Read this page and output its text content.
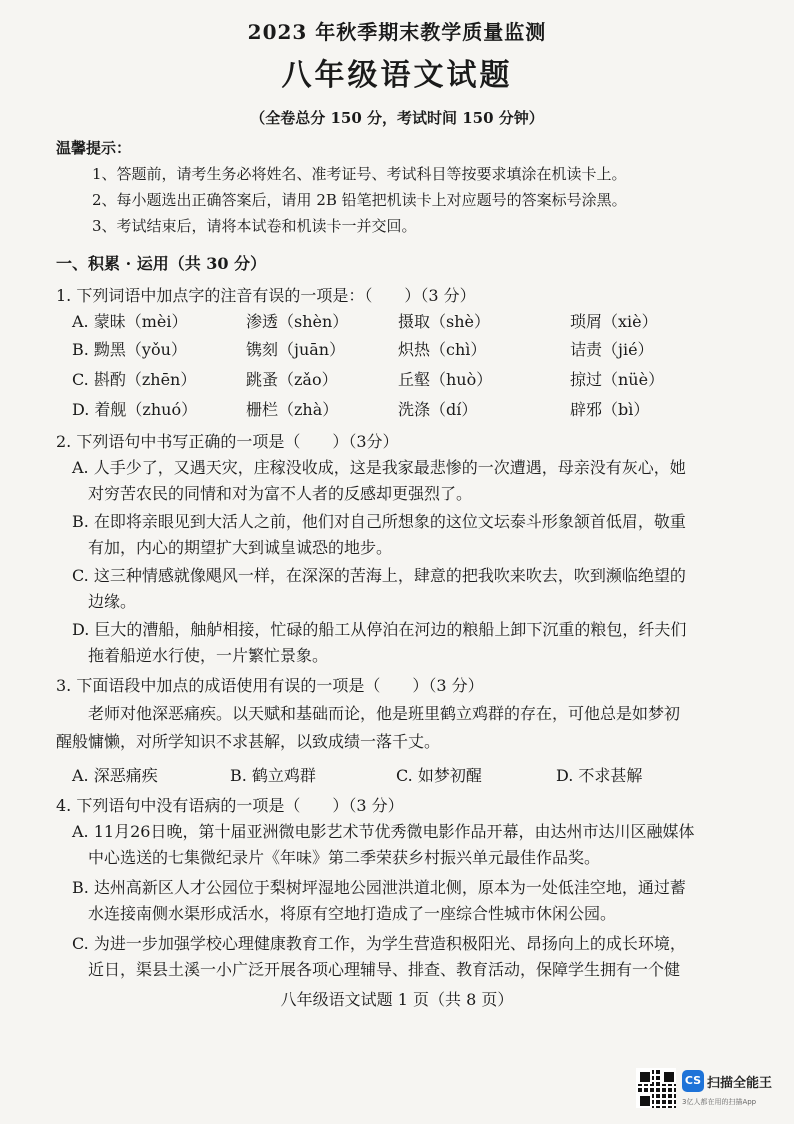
2023 年秋季期末教学质量监测
八年级语文试题
（全卷总分 150 分，考试时间 150 分钟）
温馨提示：
1、答题前，请考生务必将姓名、准考证号、考试科目等按要求填涂在机读卡上。
2、每小题选出正确答案后，请用 2B 铅笔把机读卡上对应题号的答案标号涂黑。
3、考试结束后，请将本试卷和机读卡一并交回。
一、积累 · 运用（共 30 分）
1. 下列词语中加点字的注音有误的一项是：（　　）（3 分）
A. 蒙昧（mèi）	渗透（shèn）	摄取（shè）	琐屑（xiè）
B. 黝黑（yǒu）	镌刻（juān）	炽热（chì）	诘责（jié）
C. 斟酌（zhēn）	跳蚤（zǎo）	丘壑（huò）	掠过（nüè）
D. 着舰（zhuó）	栅栏（zhà）	洗涤（dí）	辟邪（bì）
2. 下列语句中书写正确的一项是（　　）（3分）
A. 人手少了，又遇天灾，庄稼没收成，这是我家最悲惨的一次遭遇，母亲没有灰心，她
对穷苦农民的同情和对为富不人者的反感却更强烈了。
B. 在即将亲眼见到大活人之前，他们对自己所想象的这位文坛泰斗形象颔首低眉，敬重
有加，内心的期望扩大到诚皇诚恐的地步。
C. 这三种情感就像飓风一样，在深深的苦海上，肆意的把我吹来吹去，吹到濒临绝望的
边缘。
D. 巨大的漕船，舳舻相接，忙碌的船工从停泊在河边的粮船上卸下沉重的粮包，纤夫们
拖着船逆水行使，一片繁忙景象。
3. 下面语段中加点的成语使用有误的一项是（　　）（3 分）
老师对他深恶痛疾。以天赋和基础而论，他是班里鹤立鸡群的存在，可他总是如梦初
醒般慵懒，对所学知识不求甚解，以致成绩一落千丈。
A. 深恶痛疾	B. 鹤立鸡群	C. 如梦初醒	D. 不求甚解
4. 下列语句中没有语病的一项是（　　）（3 分）
A. 11月26日晚，第十届亚洲微电影艺术节优秀微电影作品开幕，由达州市达川区融媒体
中心选送的七集微纪录片《年味》第二季荣获乡村振兴单元最佳作品奖。
B. 达州高新区人才公园位于梨树坪湿地公园泄洪道北侧，原本为一处低洼空地，通过蓄
水连接南侧水渠形成活水，将原有空地打造成了一座综合性城市休闲公园。
C. 为进一步加强学校心理健康教育工作，为学生营造积极阳光、昂扬向上的成长环境，
近日，渠县土溪一小广泛开展各项心理辅导、排查、教育活动，保障学生拥有一个健
八年级语文试题 1 页（共 8 页）
CS 扫描全能王
3亿人都在用的扫描App
